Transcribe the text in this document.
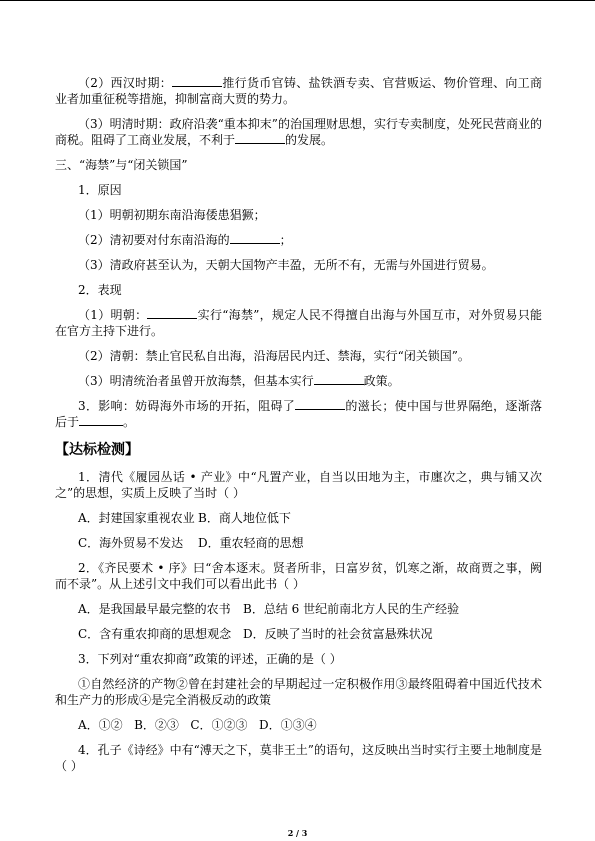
（2）西汉时期：	推行货币官铸、盐铁酒专卖、官营贩运、物价管理、向工商业者加重征税等措施，抑制富商大贾的势力。

（3）明清时期：政府沿袭“重本抑末”的治国理财思想，实行专卖制度，处死民营商业的商税。阻碍了工商业发展，不利于	的发展。

三、“海禁”与“闭关锁国”

1．原因

（1）明朝初期东南沿海倭患猖獗；

（2）清初要对付东南沿海的	；

（3）清政府甚至认为，天朝大国物产丰盈，无所不有，无需与外国进行贸易。

2．表现

（1）明朝：	实行“海禁”，规定人民不得擅自出海与外国互市，对外贸易只能在官方主持下进行。

（2）清朝：禁止官民私自出海，沿海居民内迁、禁海，实行“闭关锁国”。

（3）明清统治者虽曾开放海禁，但基本实行	政策。

3．影响：妨碍海外市场的开拓，阻碍了	的滋长；使中国与世界隔绝，逐渐落后于	。

【达标检测】

1．清代《履园丛话 • 产业》中“凡置产业，自当以田地为主，市廛次之，典与铺又次之”的思想，实质上反映了当时（ ）

A．封建国家重视农业 B．商人地位低下
C．海外贸易不发达	D．重农轻商的思想

2．《齐民要术 • 序》曰“舍本逐末。贤者所非，日富岁贫，饥寒之渐，故商贾之事，阙而不录”。从上述引文中我们可以看出此书（ ）

A．是我国最早最完整的农书	B．总结 6 世纪前南北方人民的生产经验
C．含有重农抑商的思想观念 D．反映了当时的社会贫富悬殊状况

3．下列对“重农抑商”政策的评述，正确的是（ ）

①自然经济的产物②曾在封建社会的早期起过一定积极作用③最终阻碍着中国近代技术和生产力的形成④是完全消极反动的政策

A．①②   B．②③   C．①②③   D．①③④

4．孔子《诗经》中有“溥天之下，莫非王土”的语句，这反映出当时实行主要土地制度是（ ）

2 / 3
